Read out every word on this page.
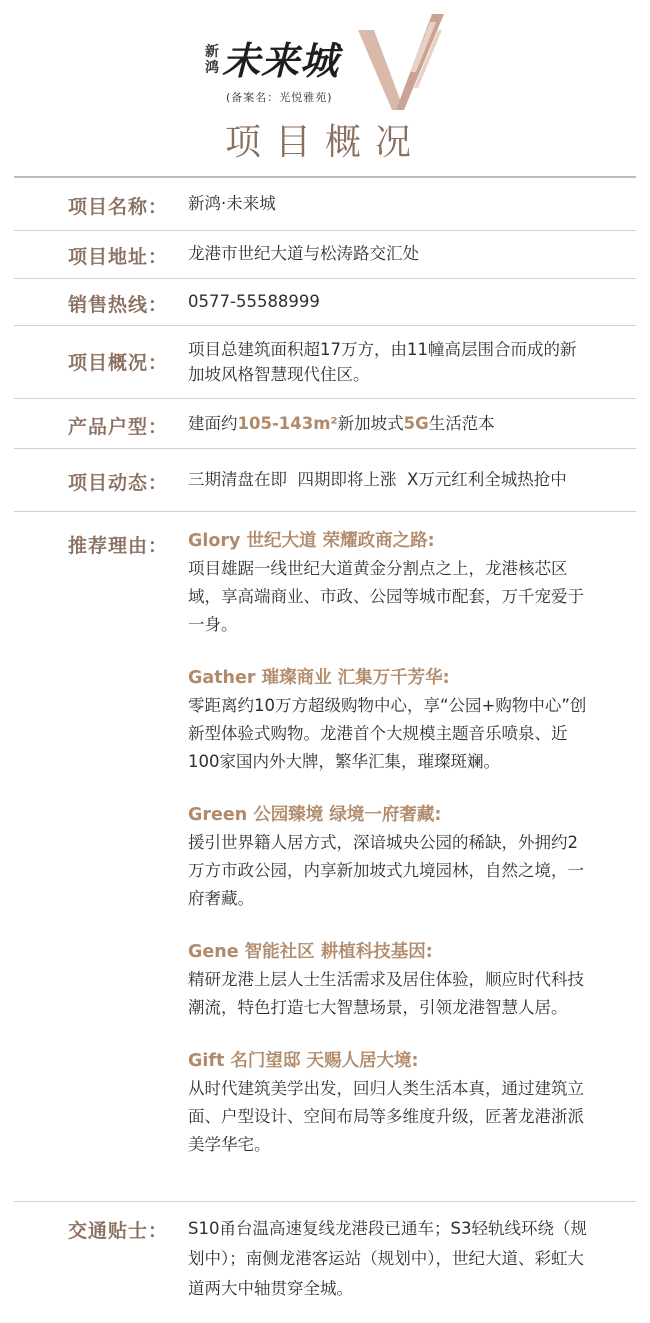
新鸿 未来城
(备案名：光悦雅苑)
项目概况
项目名称：	新鸿·未来城
项目地址：	龙港市世纪大道与松涛路交汇处
销售热线：	0577-55588999
项目概况：
项目总建筑面积超17万方，由11幢高层围合而成的新加坡风格智慧现代住区。
产品户型：	建面约105-143m²新加坡式5G生活范本
项目动态：	三期清盘在即  四期即将上涨  X万元红利全城热抢中
推荐理由：	Glory 世纪大道 荣耀政商之路:
项目雄踞一线世纪大道黄金分割点之上，龙港核芯区域，享高端商业、市政、公园等城市配套，万千宠爱于一身。
Gather 璀璨商业 汇集万千芳华:
零距离约10万方超级购物中心，享“公园+购物中心”创新型体验式购物。龙港首个大规模主题音乐喷泉、近100家国内外大牌，繁华汇集，璀璨斑斓。
Green 公园臻境 绿境一府奢藏:
援引世界籍人居方式，深谙城央公园的稀缺，外拥约2万方市政公园，内享新加坡式九境园林，自然之境，一府奢藏。
Gene 智能社区 耕植科技基因:
精研龙港上层人士生活需求及居住体验，顺应时代科技潮流，特色打造七大智慧场景，引领龙港智慧人居。
Gift 名门望邸 天赐人居大境:
从时代建筑美学出发，回归人类生活本真，通过建筑立面、户型设计、空间布局等多维度升级，匠著龙港浙派美学华宅。
交通贴士：	S10甬台温高速复线龙港段已通车；S3轻轨线环绕（规划中）；南侧龙港客运站（规划中），世纪大道、彩虹大道两大中轴贯穿全城。
